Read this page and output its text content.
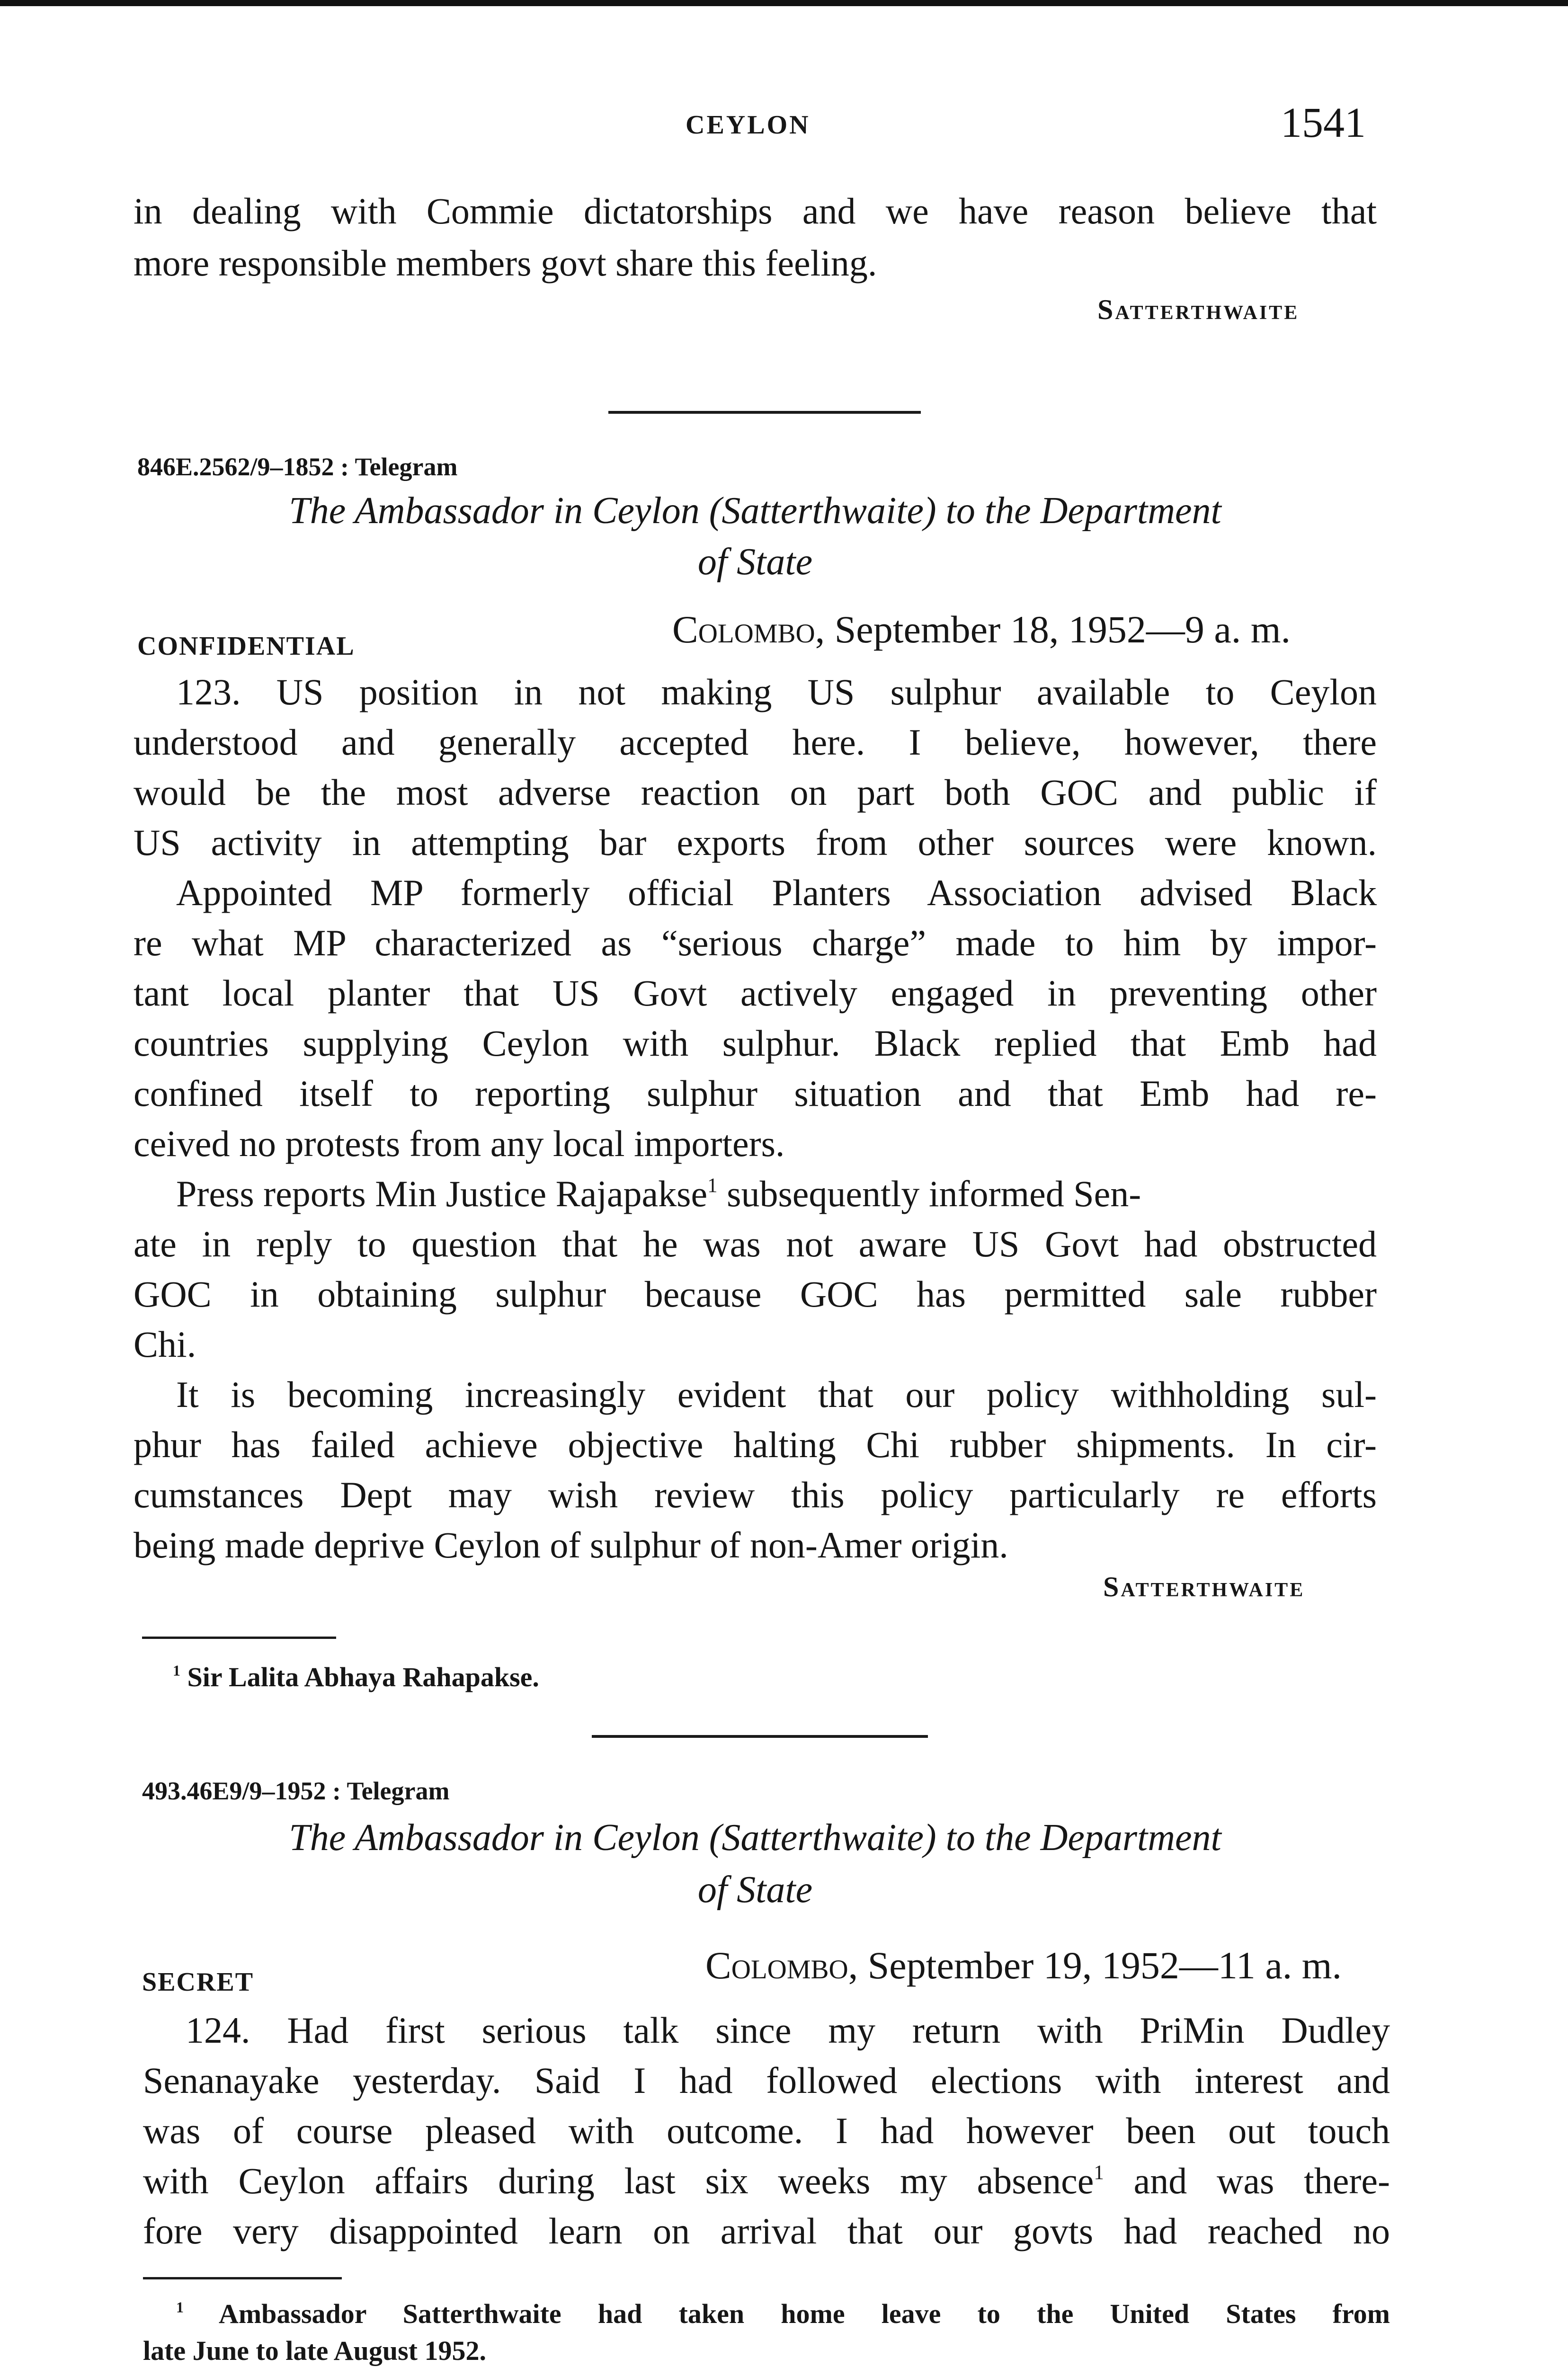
CEYLON	1541
in dealing with Commie dictatorships and we have reason believe that
more responsible members govt share this feeling.
Satterthwaite
846E.2562/9–1852 : Telegram
The Ambassador in Ceylon (Satterthwaite) to the Department
of State
CONFIDENTIAL	Colombo, September 18, 1952—9 a. m.
123. US position in not making US sulphur available to Ceylon
understood and generally accepted here. I believe, however, there
would be the most adverse reaction on part both GOC and public if
US activity in attempting bar exports from other sources were known.
Appointed MP formerly official Planters Association advised Black
re what MP characterized as “serious charge” made to him by impor-
tant local planter that US Govt actively engaged in preventing other
countries supplying Ceylon with sulphur. Black replied that Emb had
confined itself to reporting sulphur situation and that Emb had re-
ceived no protests from any local importers.
Press reports Min Justice Rajapakse$^1$ subsequently informed Sen-
ate in reply to question that he was not aware US Govt had obstructed
GOC in obtaining sulphur because GOC has permitted sale rubber
Chi.
It is becoming increasingly evident that our policy withholding sul-
phur has failed achieve objective halting Chi rubber shipments. In cir-
cumstances Dept may wish review this policy particularly re efforts
being made deprive Ceylon of sulphur of non-Amer origin.
Satterthwaite
$^1$ Sir Lalita Abhaya Rahapakse.
493.46E9/9–1952 : Telegram
The Ambassador in Ceylon (Satterthwaite) to the Department
of State
SECRET	Colombo, September 19, 1952—11 a. m.
124. Had first serious talk since my return with PriMin Dudley
Senanayake yesterday. Said I had followed elections with interest and
was of course pleased with outcome. I had however been out touch
with Ceylon affairs during last six weeks my absence$^1$ and was there-
fore very disappointed learn on arrival that our govts had reached no
$^1$ Ambassador Satterthwaite had taken home leave to the United States from
late June to late August 1952.
